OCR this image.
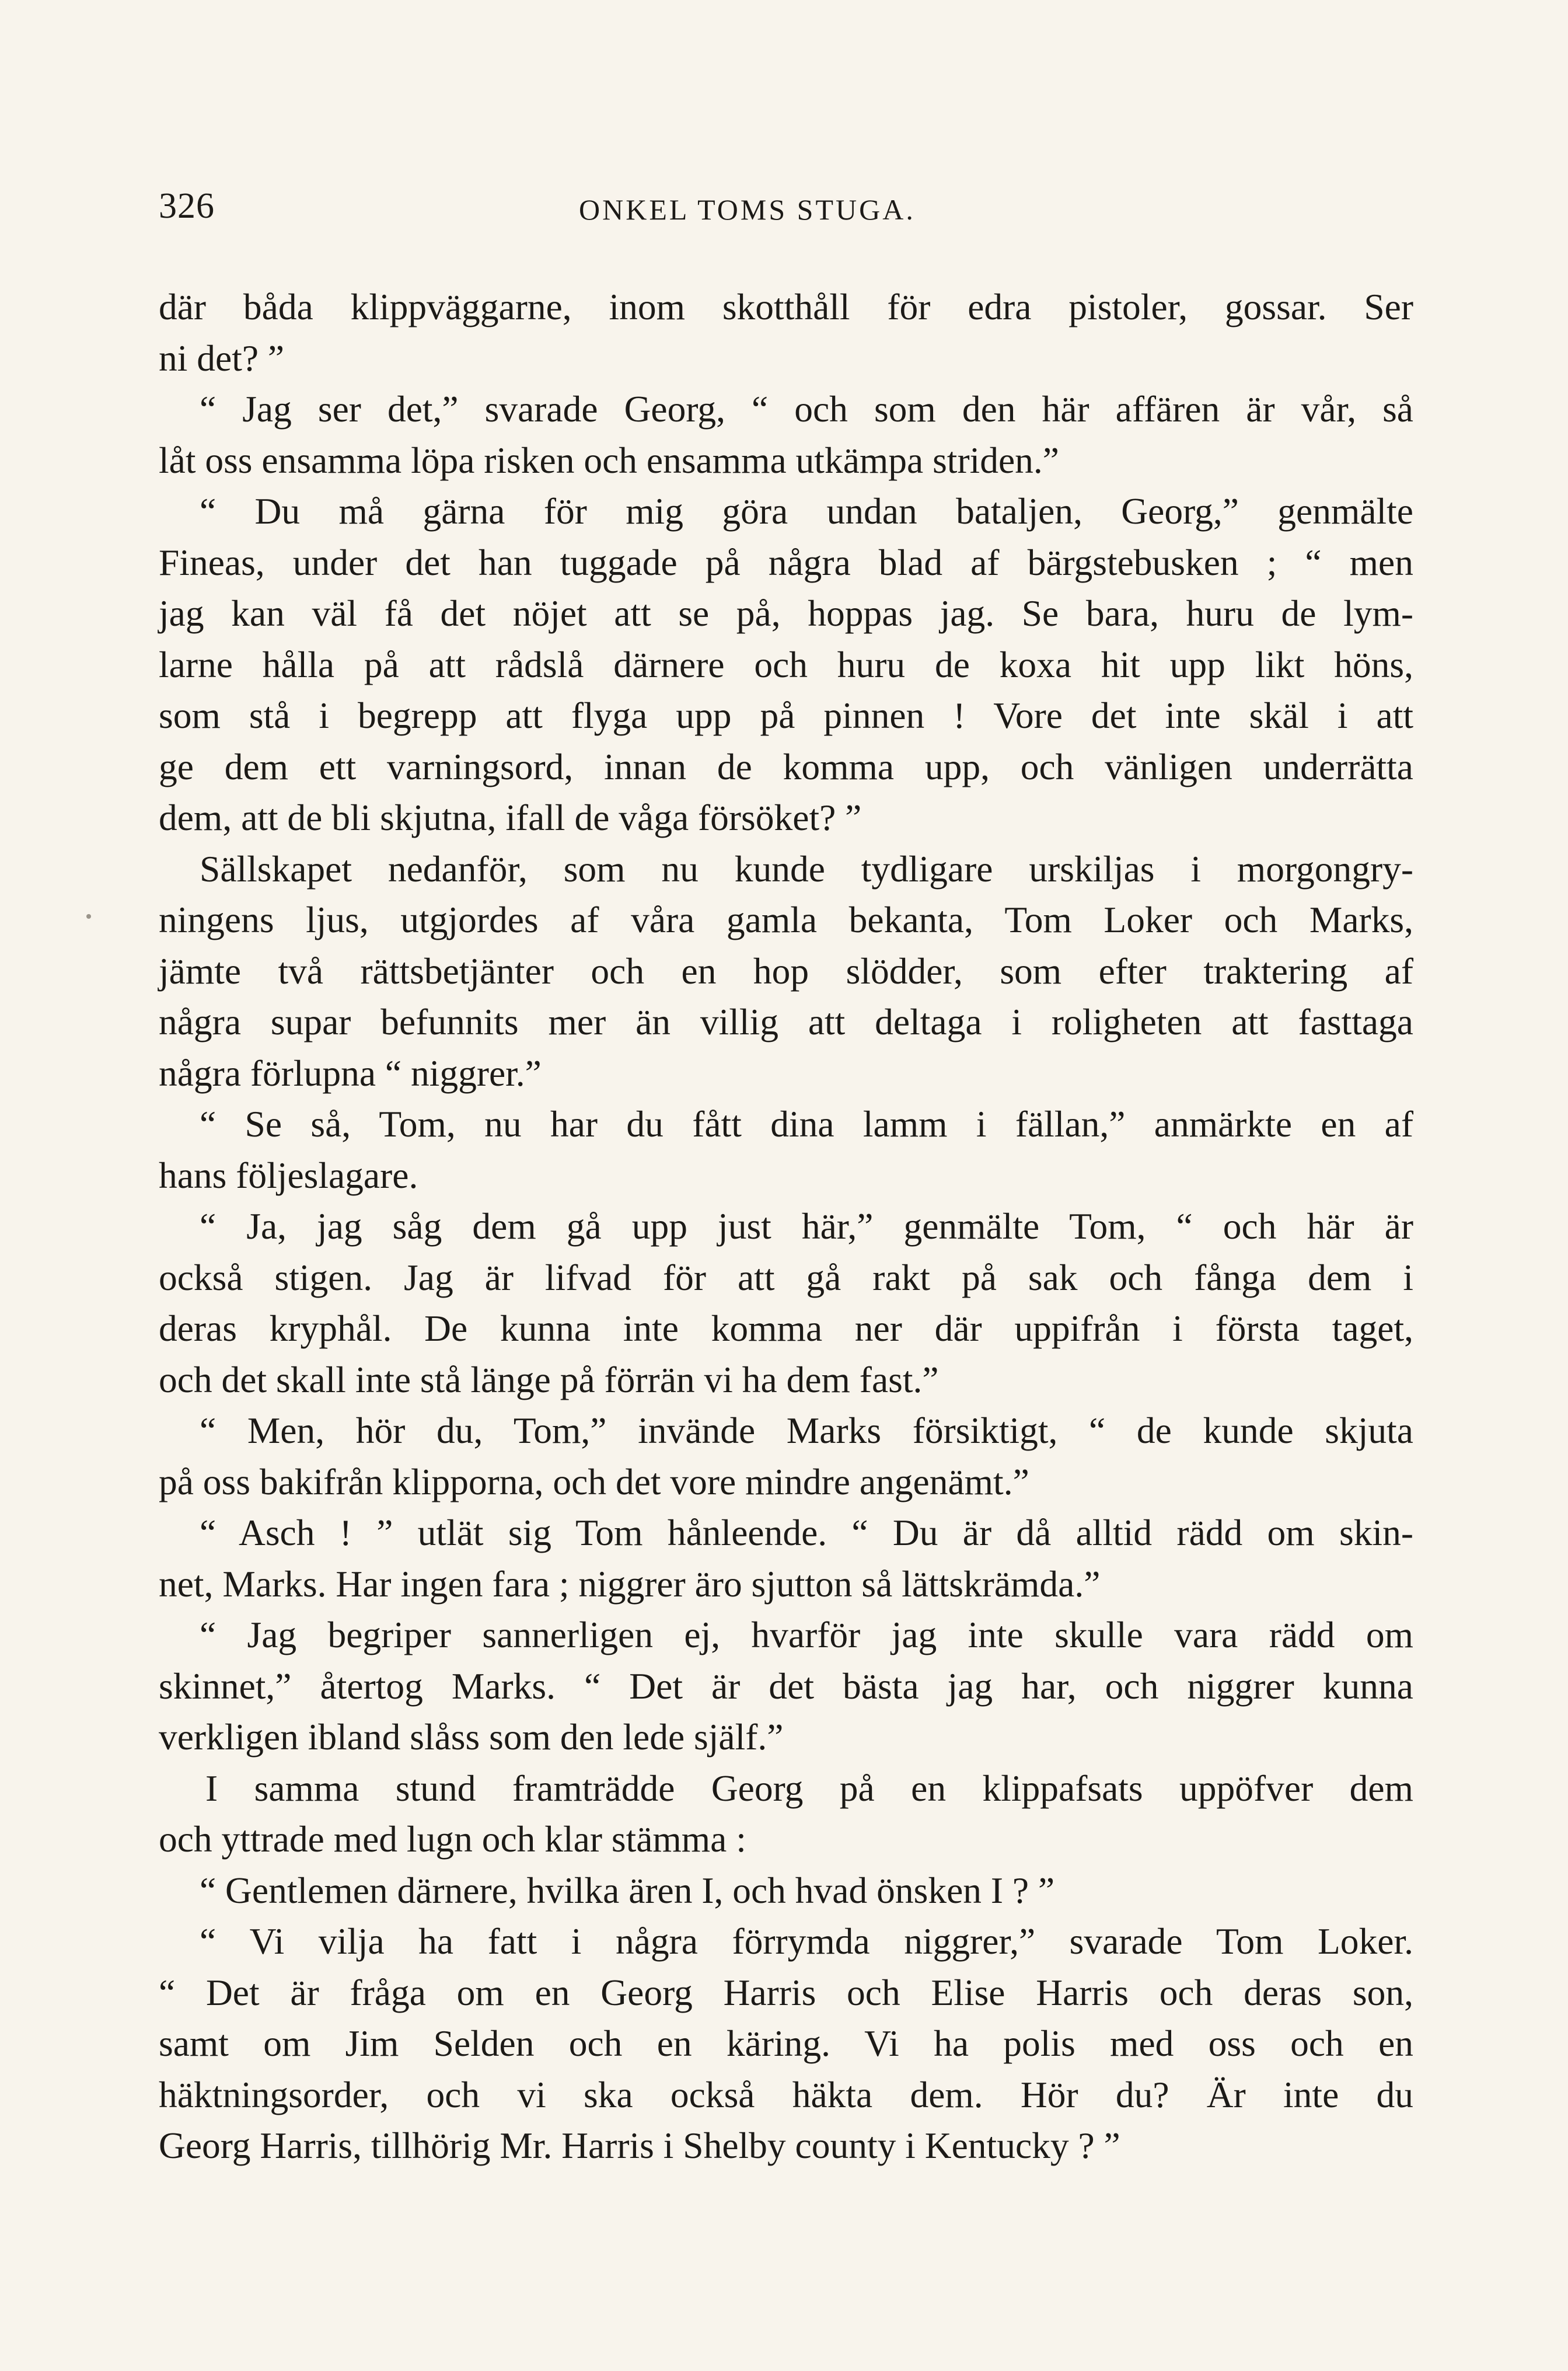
326	ONKEL TOMS STUGA.
där båda klippväggarne, inom skotthåll för edra pistoler, gossar. Ser
ni det? ”
“ Jag ser det,” svarade Georg, “ och som den här affären är vår, så
låt oss ensamma löpa risken och ensamma utkämpa striden.”
“ Du må gärna för mig göra undan bataljen, Georg,” genmälte
Fineas, under det han tuggade på några blad af bärgstebusken ; “ men
jag kan väl få det nöjet att se på, hoppas jag. Se bara, huru de lym-
larne hålla på att rådslå därnere och huru de koxa hit upp likt höns,
som stå i begrepp att flyga upp på pinnen ! Vore det inte skäl i att
ge dem ett varningsord, innan de komma upp, och vänligen underrätta
dem, att de bli skjutna, ifall de våga försöket? ”
Sällskapet nedanför, som nu kunde tydligare urskiljas i morgongry-
ningens ljus, utgjordes af våra gamla bekanta, Tom Loker och Marks,
jämte två rättsbetjänter och en hop slödder, som efter traktering af
några supar befunnits mer än villig att deltaga i roligheten att fasttaga
några förlupna “ niggrer.”
“ Se så, Tom, nu har du fått dina lamm i fällan,” anmärkte en af
hans följeslagare.
“ Ja, jag såg dem gå upp just här,” genmälte Tom, “ och här är
också stigen. Jag är lifvad för att gå rakt på sak och fånga dem i
deras kryphål. De kunna inte komma ner där uppifrån i första taget,
och det skall inte stå länge på förrän vi ha dem fast.”
“ Men, hör du, Tom,” invände Marks försiktigt, “ de kunde skjuta
på oss bakifrån klipporna, och det vore mindre angenämt.”
“ Asch ! ” utlät sig Tom hånleende. “ Du är då alltid rädd om skin-
net, Marks. Har ingen fara ; niggrer äro sjutton så lättskrämda.”
“ Jag begriper sannerligen ej, hvarför jag inte skulle vara rädd om
skinnet,” återtog Marks. “ Det är det bästa jag har, och niggrer kunna
verkligen ibland slåss som den lede själf.”
I samma stund framträdde Georg på en klippafsats uppöfver dem
och yttrade med lugn och klar stämma :
“ Gentlemen därnere, hvilka ären I, och hvad önsken I ? ”
“ Vi vilja ha fatt i några förrymda niggrer,” svarade Tom Loker.
“ Det är fråga om en Georg Harris och Elise Harris och deras son,
samt om Jim Selden och en käring. Vi ha polis med oss och en
häktningsorder, och vi ska också häkta dem. Hör du? Är inte du
Georg Harris, tillhörig Mr. Harris i Shelby county i Kentucky ? ”
